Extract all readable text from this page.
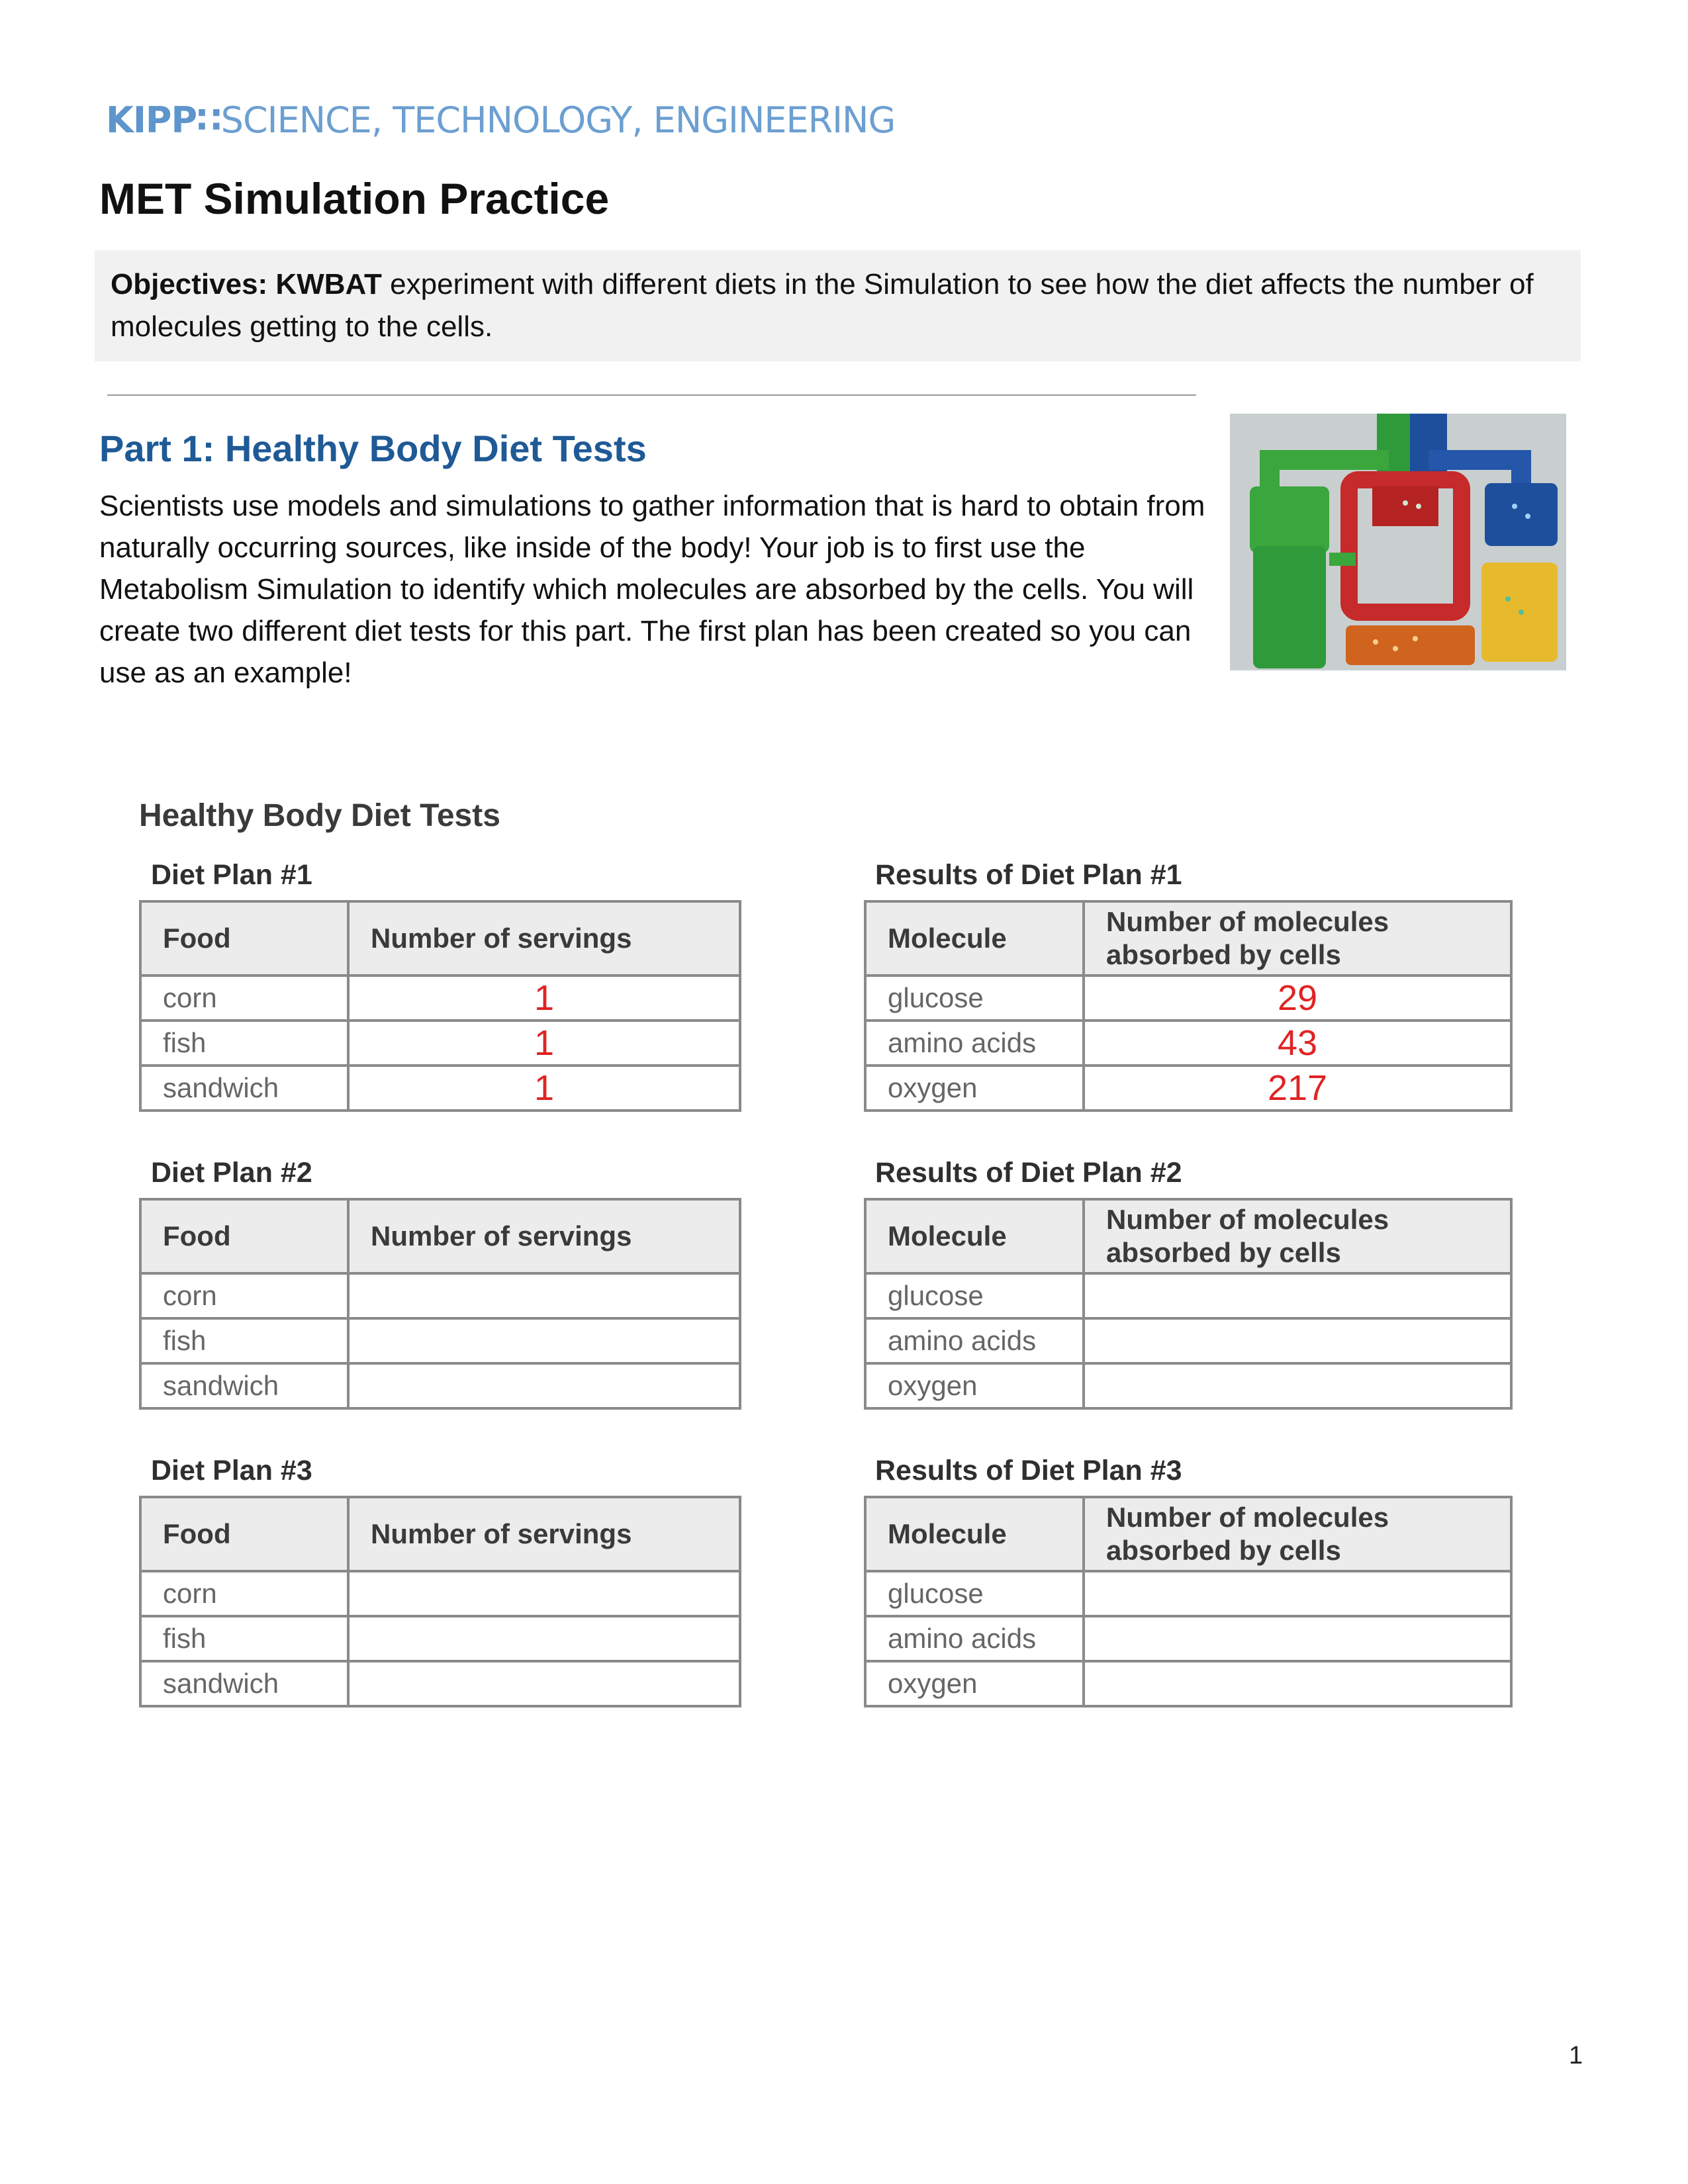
KIPP∷SCIENCE, TECHNOLOGY, ENGINEERING
MET Simulation Practice
Objectives: KWBAT experiment with different diets in the Simulation to see how the diet affects the number of molecules getting to the cells.
Part 1: Healthy Body Diet Tests
Scientists use models and simulations to gather information that is hard to obtain from naturally occurring sources, like inside of the body! Your job is to first use the Metabolism Simulation to identify which molecules are absorbed by the cells. You will create two different diet tests for this part. The first plan has been created so you can use as an example!
Healthy Body Diet Tests
Diet Plan #1
Food	Number of servings
corn	1
fish	1
sandwich	1
Results of Diet Plan #1
Molecule	Number of molecules absorbed by cells
glucose	29
amino acids	43
oxygen	217
Diet Plan #2
Food	Number of servings
corn	
fish	
sandwich	
Results of Diet Plan #2
Molecule	Number of molecules absorbed by cells
glucose	
amino acids	
oxygen	
Diet Plan #3
Food	Number of servings
corn	
fish	
sandwich	
Results of Diet Plan #3
Molecule	Number of molecules absorbed by cells
glucose	
amino acids	
oxygen	
1
